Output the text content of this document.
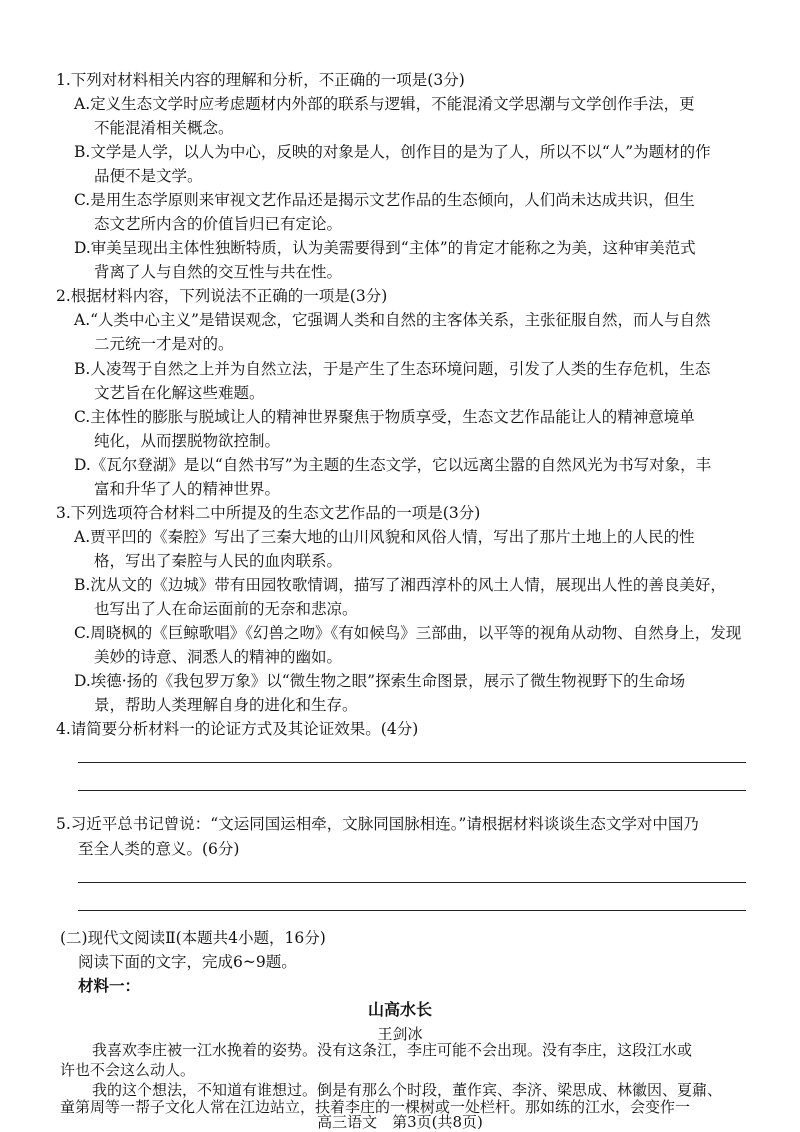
1.下列对材料相关内容的理解和分析，不正确的一项是(3分)
A.定义生态文学时应考虑题材内外部的联系与逻辑，不能混淆文学思潮与文学创作手法，更
不能混淆相关概念。
B.文学是人学，以人为中心，反映的对象是人，创作目的是为了人，所以不以“人”为题材的作
品便不是文学。
C.是用生态学原则来审视文艺作品还是揭示文艺作品的生态倾向，人们尚未达成共识，但生
态文艺所内含的价值旨归已有定论。
D.审美呈现出主体性独断特质，认为美需要得到“主体”的肯定才能称之为美，这种审美范式
背离了人与自然的交互性与共在性。
2.根据材料内容，下列说法不正确的一项是(3分)
A.“人类中心主义”是错误观念，它强调人类和自然的主客体关系，主张征服自然，而人与自然
二元统一才是对的。
B.人凌驾于自然之上并为自然立法，于是产生了生态环境问题，引发了人类的生存危机，生态
文艺旨在化解这些难题。
C.主体性的膨胀与脱域让人的精神世界聚焦于物质享受，生态文艺作品能让人的精神意境单
纯化，从而摆脱物欲控制。
D.《瓦尔登湖》是以“自然书写”为主题的生态文学，它以远离尘嚣的自然风光为书写对象，丰
富和升华了人的精神世界。
3.下列选项符合材料二中所提及的生态文艺作品的一项是(3分)
A.贾平凹的《秦腔》写出了三秦大地的山川风貌和风俗人情，写出了那片土地上的人民的性
格，写出了秦腔与人民的血肉联系。
B.沈从文的《边城》带有田园牧歌情调，描写了湘西淳朴的风土人情，展现出人性的善良美好，
也写出了人在命运面前的无奈和悲凉。
C.周晓枫的《巨鲸歌唱》《幻兽之吻》《有如候鸟》三部曲，以平等的视角从动物、自然身上，发现
美妙的诗意、洞悉人的精神的幽如。
D.埃德·扬的《我包罗万象》以“微生物之眼”探索生命图景，展示了微生物视野下的生命场
景，帮助人类理解自身的进化和生存。
4.请简要分析材料一的论证方式及其论证效果。(4分)
5.习近平总书记曾说：“文运同国运相牵，文脉同国脉相连。”请根据材料谈谈生态文学对中国乃
至全人类的意义。(6分)
(二)现代文阅读Ⅱ(本题共4小题，16分)
阅读下面的文字，完成6~9题。
材料一：
山高水长
王剑冰
我喜欢李庄被一江水挽着的姿势。没有这条江，李庄可能不会出现。没有李庄，这段江水或
许也不会这么动人。
我的这个想法，不知道有谁想过。倒是有那么个时段，董作宾、李济、梁思成、林徽因、夏鼐、
童第周等一帮子文化人常在江边站立，扶着李庄的一棵树或一处栏杆。那如练的江水，会变作一
高三语文　第3页(共8页)
